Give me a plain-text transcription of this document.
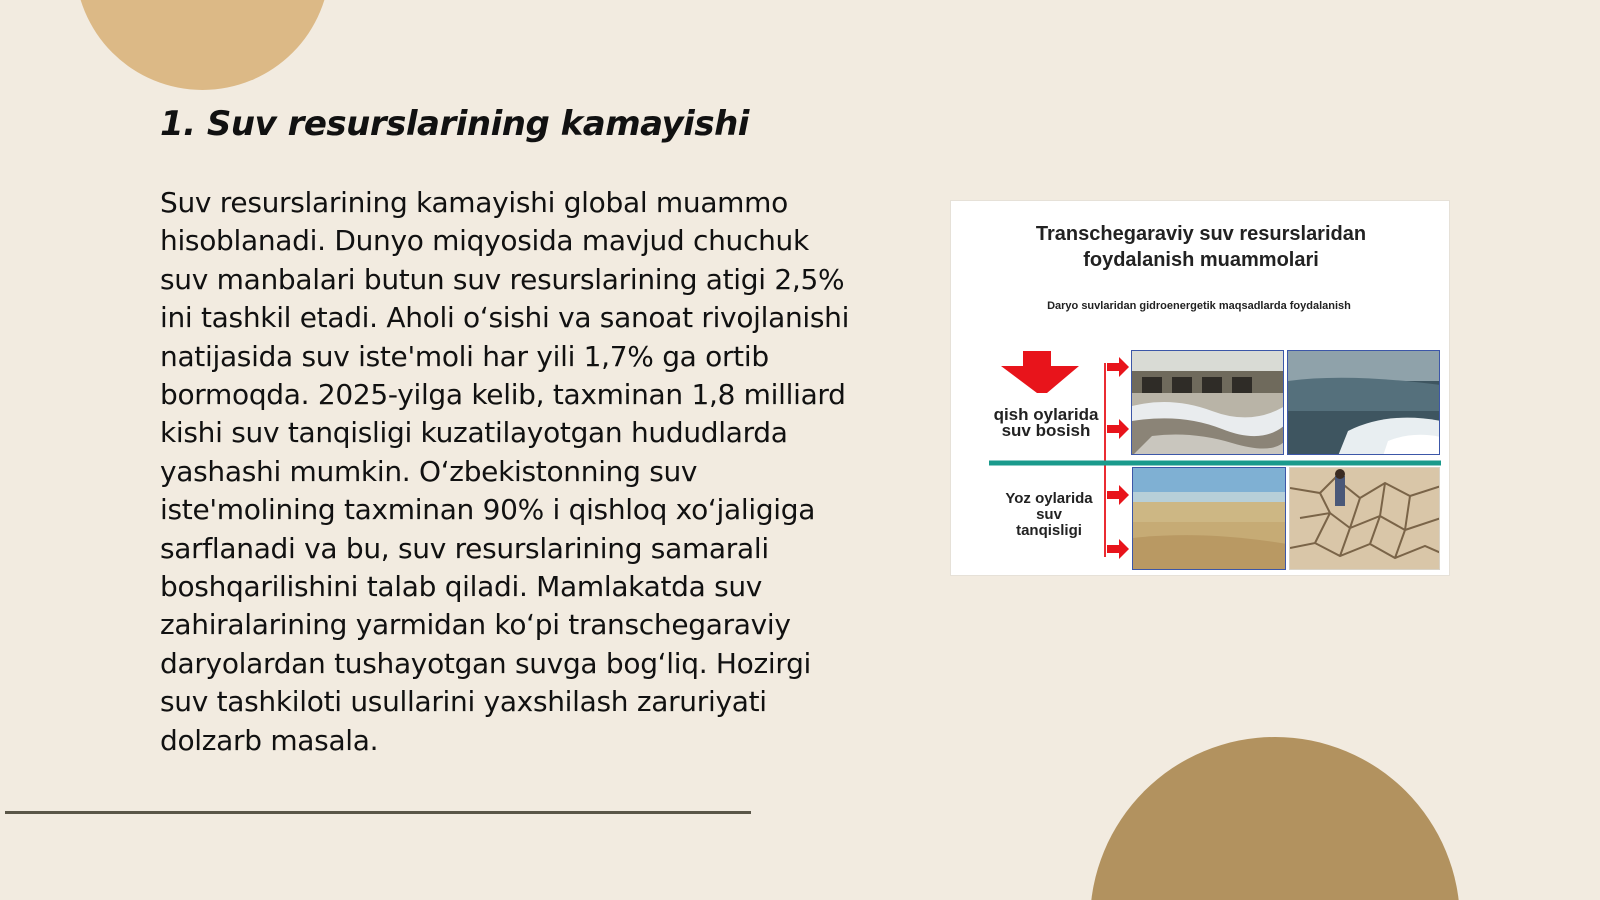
1. Suv resurslarining kamayishi

Suv resurslarining kamayishi global muammo hisoblanadi. Dunyo miqyosida mavjud chuchuk suv manbalari butun suv resurslarining atigi 2,5% ini tashkil etadi. Aholi oʻsishi va sanoat rivojlanishi natijasida suv iste'moli har yili 1,7% ga ortib bormoqda. 2025-yilga kelib, taxminan 1,8 milliard kishi suv tanqisligi kuzatilayotgan hududlarda yashashi mumkin. Oʻzbekistonning suv iste'molining taxminan 90% i qishloq xoʻjaligiga sarflanadi va bu, suv resurslarining samarali boshqarilishini talab qiladi. Mamlakatda suv zahiralarining yarmidan koʻpi transchegaraviy daryolardan tushayotgan suvga bogʻliq. Hozirgi suv tashkiloti usullarini yaxshilash zaruriyati dolzarb masala.

Transchegaraviy suv resurslaridan
foydalanish muammolari
Daryo suvlaridan gidroenergetik maqsadlarda foydalanish
qish oylarida
suv bosish
Yoz oylarida
suv
tanqisligi
